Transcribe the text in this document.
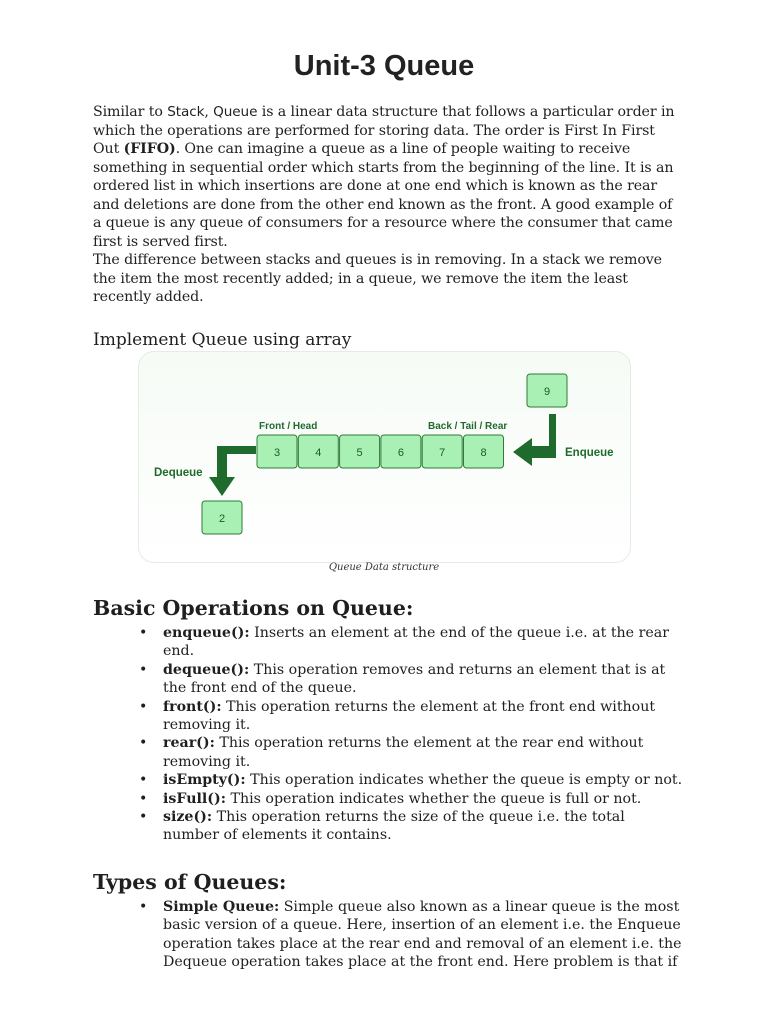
Unit-3 Queue
Similar to Stack, Queue is a linear data structure that follows a particular order in which the operations are performed for storing data. The order is First In First Out (FIFO). One can imagine a queue as a line of people waiting to receive something in sequential order which starts from the beginning of the line. It is an ordered list in which insertions are done at one end which is known as the rear and deletions are done from the other end known as the front. A good example of a queue is any queue of consumers for a resource where the consumer that came first is served first.
The difference between stacks and queues is in removing. In a stack we remove the item the most recently added; in a queue, we remove the item the least recently added.
Implement Queue using array
3	4	5	6	7	8
9
2
Front / Head	Back / Tail / Rear
Enqueue
Dequeue
Queue Data structure
Basic Operations on Queue:
• enqueue(): Inserts an element at the end of the queue i.e. at the rear end.
• dequeue(): This operation removes and returns an element that is at the front end of the queue.
• front(): This operation returns the element at the front end without removing it.
• rear(): This operation returns the element at the rear end without removing it.
• isEmpty(): This operation indicates whether the queue is empty or not.
• isFull(): This operation indicates whether the queue is full or not.
• size(): This operation returns the size of the queue i.e. the total number of elements it contains.
Types of Queues:
• Simple Queue: Simple queue also known as a linear queue is the most basic version of a queue. Here, insertion of an element i.e. the Enqueue operation takes place at the rear end and removal of an element i.e. the Dequeue operation takes place at the front end. Here problem is that if
